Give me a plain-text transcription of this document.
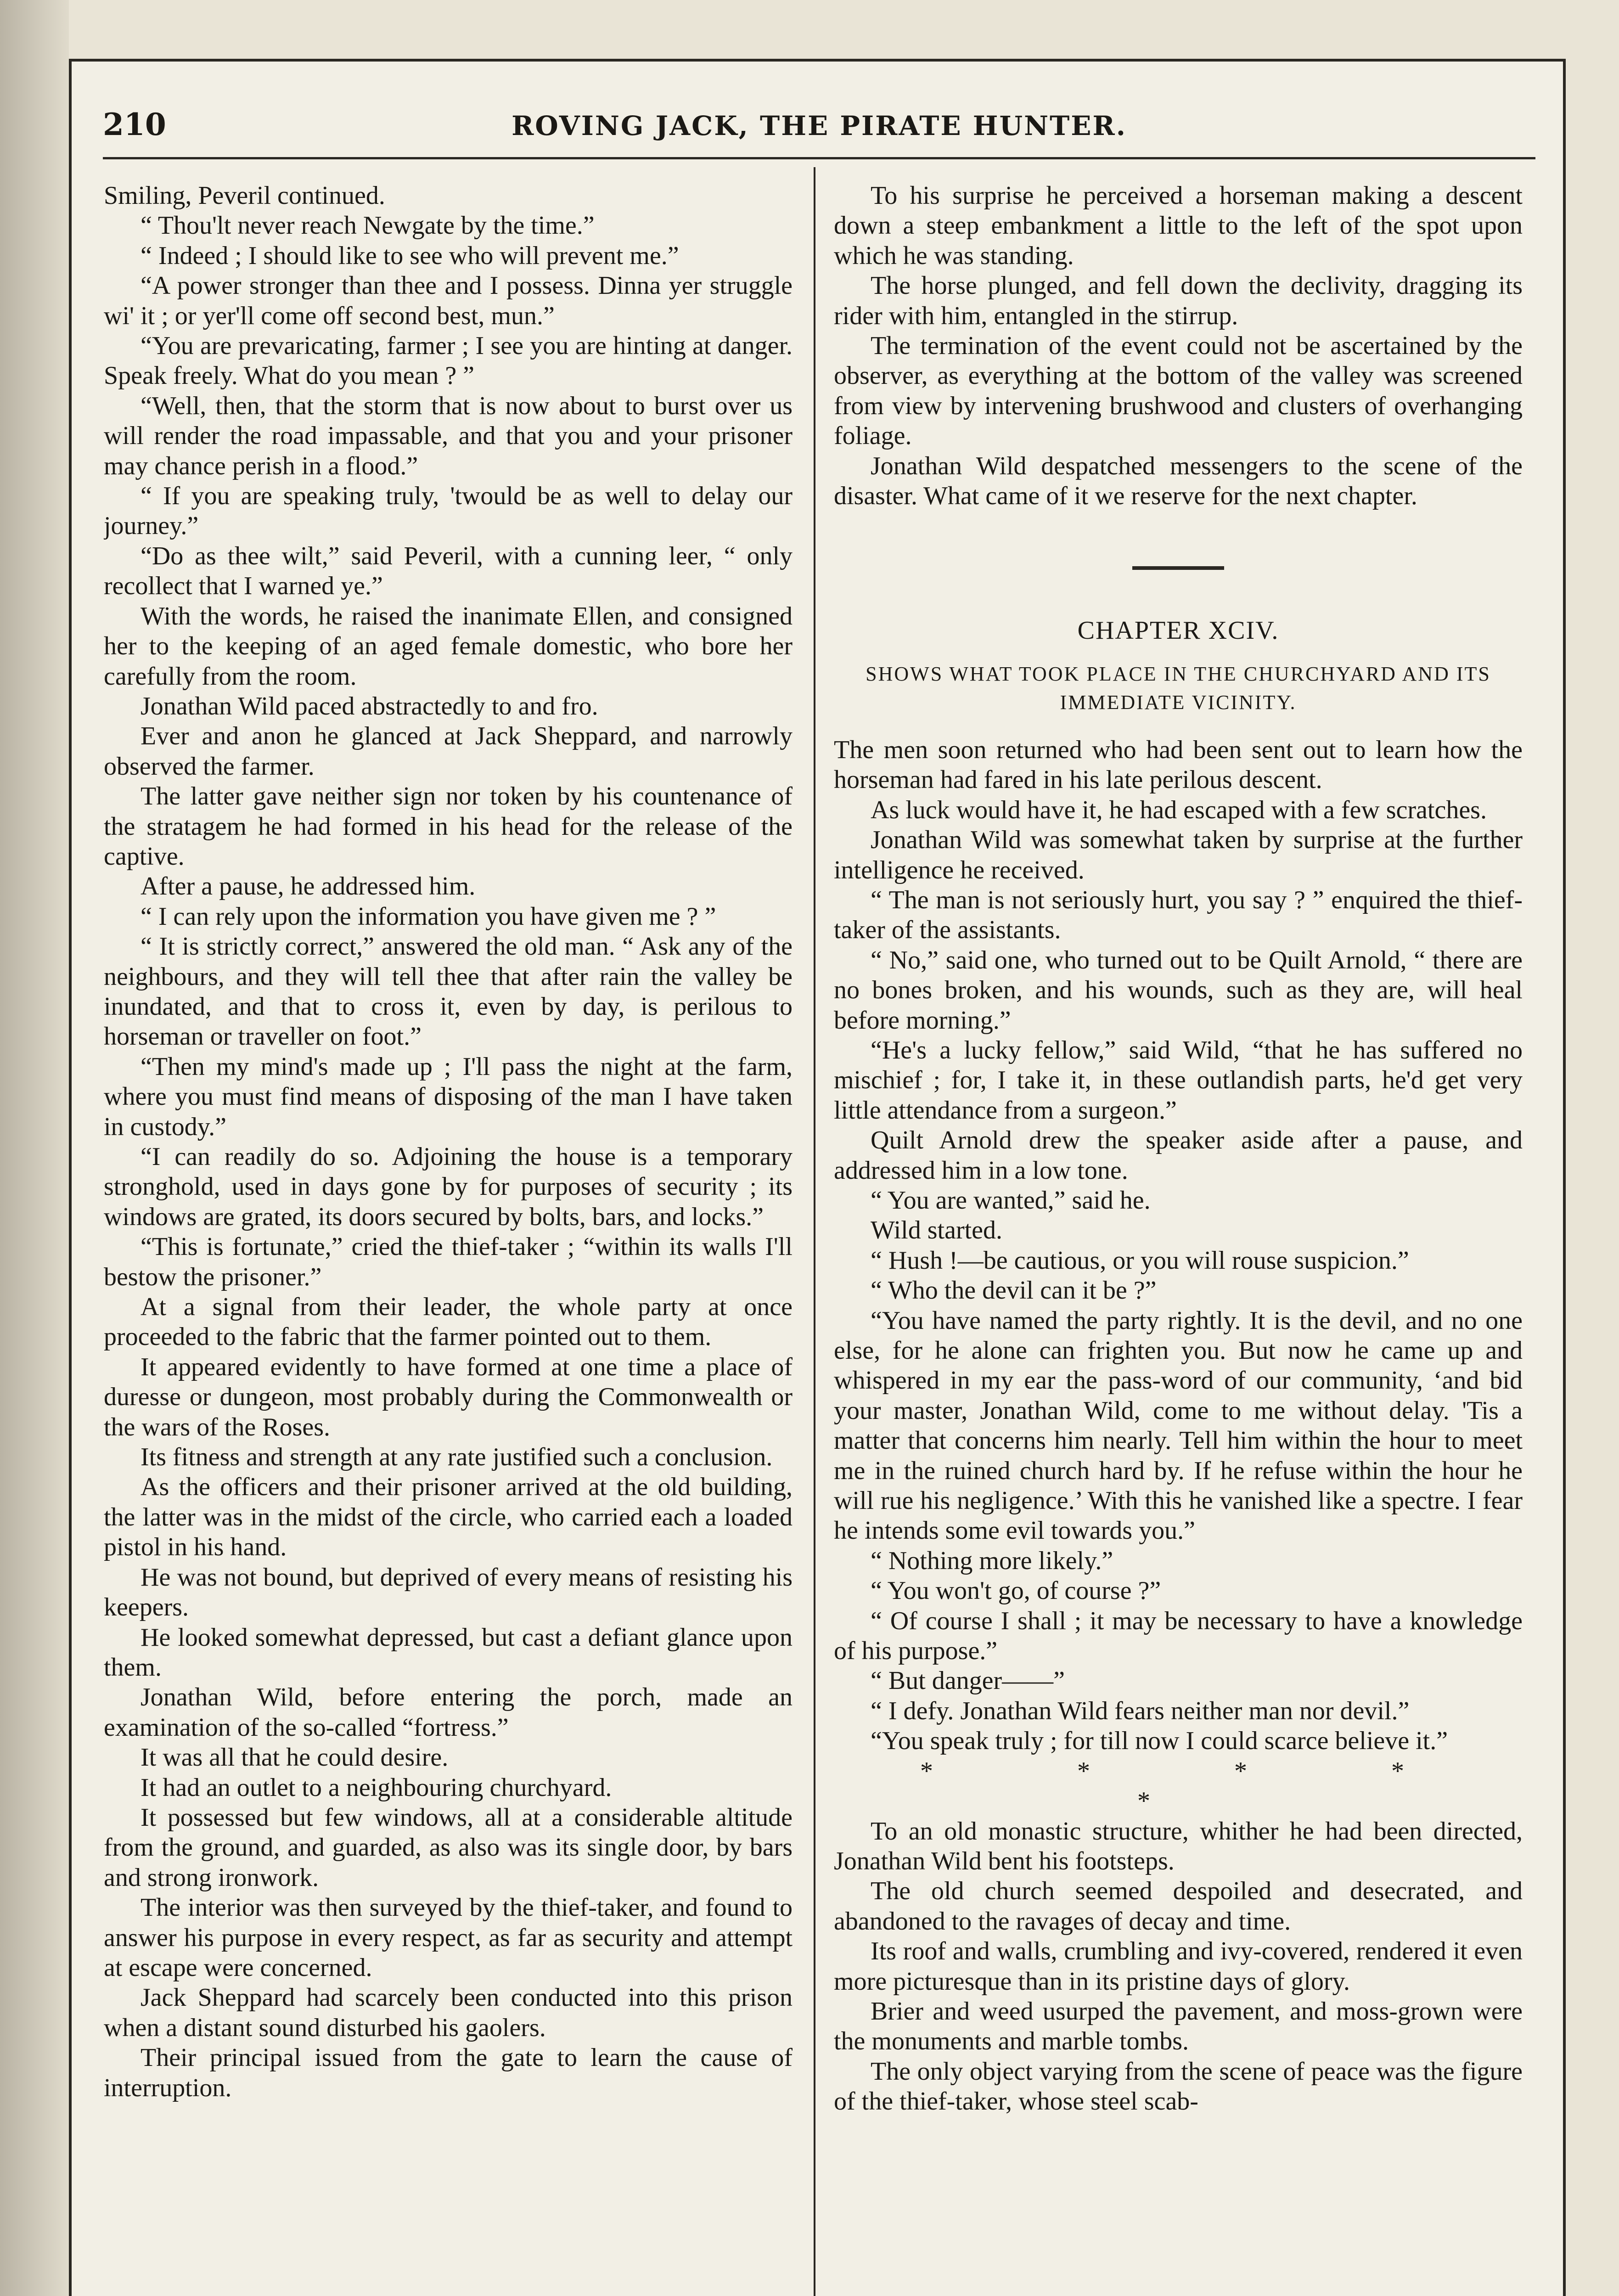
210	ROVING JACK, THE PIRATE HUNTER.

Smiling, Peveril continued.

“ Thou'lt never reach Newgate by the time.”

“ Indeed ; I should like to see who will prevent me.”

“A power stronger than thee and I possess. Dinna yer struggle wi' it ; or yer'll come off second best, mun.”

“You are prevaricating, farmer ; I see you are hinting at danger. Speak freely. What do you mean ? ”

“Well, then, that the storm that is now about to burst over us will render the road impassable, and that you and your prisoner may chance perish in a flood.”

“ If you are speaking truly, 'twould be as well to delay our journey.”

“Do as thee wilt,” said Peveril, with a cunning leer, “ only recollect that I warned ye.”

With the words, he raised the inanimate Ellen, and consigned her to the keeping of an aged female domestic, who bore her carefully from the room.

Jonathan Wild paced abstractedly to and fro.

Ever and anon he glanced at Jack Sheppard, and narrowly observed the farmer.

The latter gave neither sign nor token by his countenance of the stratagem he had formed in his head for the release of the captive.

After a pause, he addressed him.

“ I can rely upon the information you have given me ? ”

“ It is strictly correct,” answered the old man. “ Ask any of the neighbours, and they will tell thee that after rain the valley be inundated, and that to cross it, even by day, is perilous to horseman or traveller on foot.”

“Then my mind's made up ; I'll pass the night at the farm, where you must find means of disposing of the man I have taken in custody.”

“I can readily do so. Adjoining the house is a temporary stronghold, used in days gone by for purposes of security ; its windows are grated, its doors secured by bolts, bars, and locks.”

“This is fortunate,” cried the thief-taker ; “within its walls I'll bestow the prisoner.”

At a signal from their leader, the whole party at once proceeded to the fabric that the farmer pointed out to them.

It appeared evidently to have formed at one time a place of duresse or dungeon, most probably during the Commonwealth or the wars of the Roses.

Its fitness and strength at any rate justified such a conclusion.

As the officers and their prisoner arrived at the old building, the latter was in the midst of the circle, who carried each a loaded pistol in his hand.

He was not bound, but deprived of every means of resisting his keepers.

He looked somewhat depressed, but cast a defiant glance upon them.

Jonathan Wild, before entering the porch, made an examination of the so-called “fortress.”

It was all that he could desire.

It had an outlet to a neighbouring churchyard.

It possessed but few windows, all at a considerable altitude from the ground, and guarded, as also was its single door, by bars and strong ironwork.

The interior was then surveyed by the thief-taker, and found to answer his purpose in every respect, as far as security and attempt at escape were concerned.

Jack Sheppard had scarcely been conducted into this prison when a distant sound disturbed his gaolers.

Their principal issued from the gate to learn the cause of interruption.

To his surprise he perceived a horseman making a descent down a steep embankment a little to the left of the spot upon which he was standing.

The horse plunged, and fell down the declivity, dragging its rider with him, entangled in the stirrup.

The termination of the event could not be ascertained by the observer, as everything at the bottom of the valley was screened from view by intervening brushwood and clusters of overhanging foliage.

Jonathan Wild despatched messengers to the scene of the disaster. What came of it we reserve for the next chapter.

CHAPTER XCIV.
SHOWS WHAT TOOK PLACE IN THE CHURCHYARD AND ITS IMMEDIATE VICINITY.

The men soon returned who had been sent out to learn how the horseman had fared in his late perilous descent.

As luck would have it, he had escaped with a few scratches.

Jonathan Wild was somewhat taken by surprise at the further intelligence he received.

“ The man is not seriously hurt, you say ? ” enquired the thief-taker of the assistants.

“ No,” said one, who turned out to be Quilt Arnold, “ there are no bones broken, and his wounds, such as they are, will heal before morning.”

“He's a lucky fellow,” said Wild, “that he has suffered no mischief ; for, I take it, in these outlandish parts, he'd get very little attendance from a surgeon.”

Quilt Arnold drew the speaker aside after a pause, and addressed him in a low tone.

“ You are wanted,” said he.

Wild started.

“ Hush !—be cautious, or you will rouse suspicion.”

“ Who the devil can it be ?”

“You have named the party rightly. It is the devil, and no one else, for he alone can frighten you. But now he came up and whispered in my ear the pass-word of our community, ‘and bid your master, Jonathan Wild, come to me without delay. 'Tis a matter that concerns him nearly. Tell him within the hour to meet me in the ruined church hard by. If he refuse within the hour he will rue his negligence.’ With this he vanished like a spectre. I fear he intends some evil towards you.”

“ Nothing more likely.”

“ You won't go, of course ?”

“ Of course I shall ; it may be necessary to have a knowledge of his purpose.”

“ But danger——”

“ I defy. Jonathan Wild fears neither man nor devil.”

“You speak truly ; for till now I could scarce believe it.”

* * * * *

To an old monastic structure, whither he had been directed, Jonathan Wild bent his footsteps.

The old church seemed despoiled and desecrated, and abandoned to the ravages of decay and time.

Its roof and walls, crumbling and ivy-covered, rendered it even more picturesque than in its pristine days of glory.

Brier and weed usurped the pavement, and moss-grown were the monuments and marble tombs.

The only object varying from the scene of peace was the figure of the thief-taker, whose steel scab-
